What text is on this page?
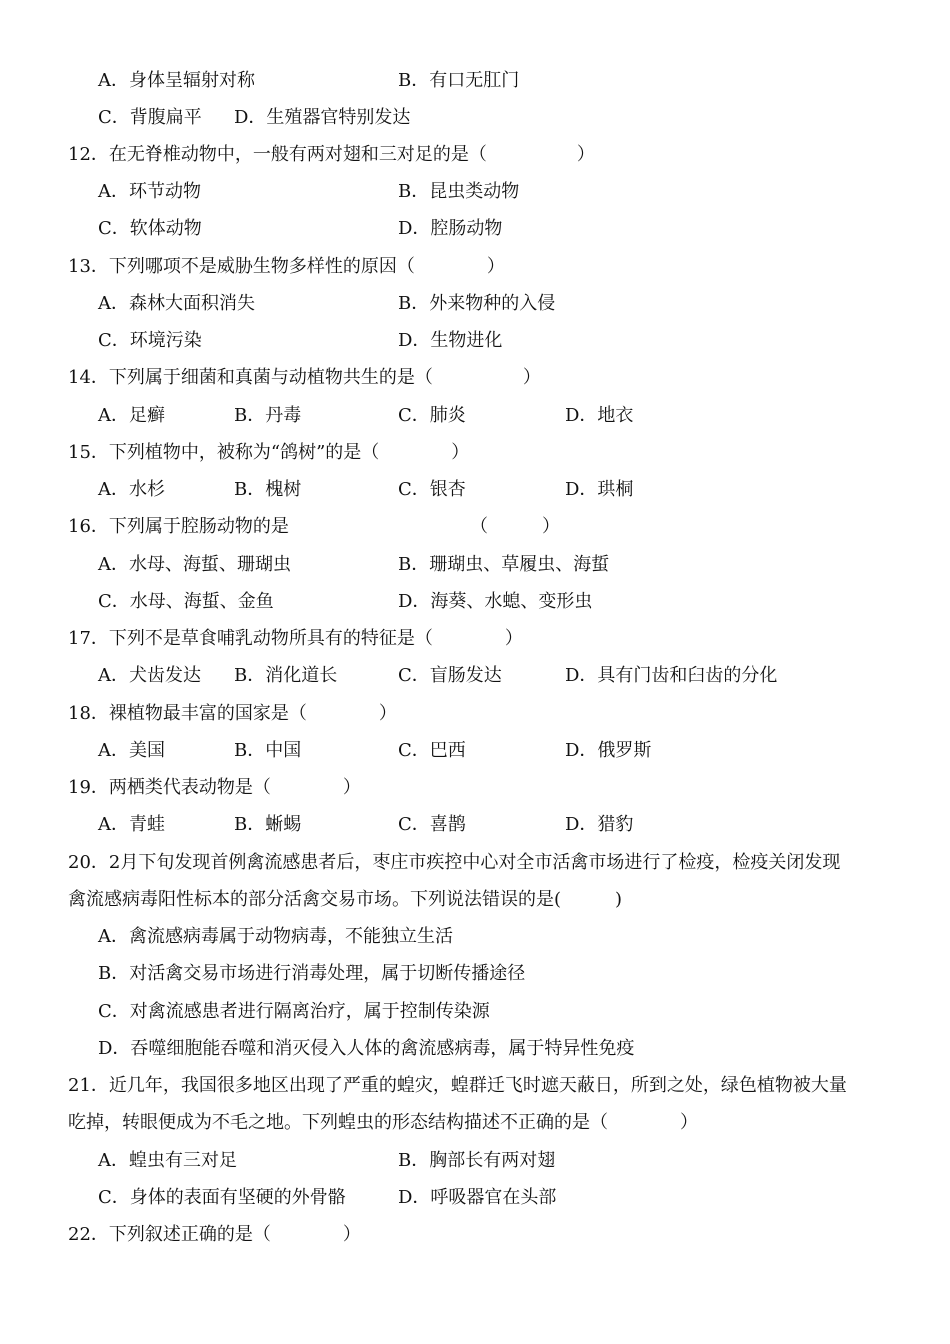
A．身体呈辐射对称	B．有口无肛门
C．背腹扁平 D．生殖器官特别发达
12．在无脊椎动物中，一般有两对翅和三对足的是（　　　　　）
A．环节动物	B．昆虫类动物
C．软体动物	D．腔肠动物
13．下列哪项不是威胁生物多样性的原因（　　　　）
A．森林大面积消失	B．外来物种的入侵
C．环境污染	D．生物进化
14．下列属于细菌和真菌与动植物共生的是（　　　　　）
A．足癣	B．丹毒	C．肺炎	D．地衣
15．下列植物中，被称为“鸽树”的是（　　　　）
A．水杉	B．槐树	C．银杏	D．珙桐
16．下列属于腔肠动物的是	（　　　）
A．水母、海蜇、珊瑚虫	B．珊瑚虫、草履虫、海蜇
C．水母、海蜇、金鱼	D．海葵、水螅、变形虫
17．下列不是草食哺乳动物所具有的特征是（　　　　）
A．犬齿发达 B．消化道长	C．盲肠发达	D．具有门齿和臼齿的分化
18．裸植物最丰富的国家是（　　　　）
A．美国	B．中国	C．巴西	D．俄罗斯
19．两栖类代表动物是（　　　　）
A．青蛙	B．蜥蜴	C．喜鹊	D．猎豹
20．2月下旬发现首例禽流感患者后，枣庄市疾控中心对全市活禽市场进行了检疫，检疫关闭发现
禽流感病毒阳性标本的部分活禽交易市场。下列说法错误的是(　　　)
A．禽流感病毒属于动物病毒，不能独立生活
B．对活禽交易市场进行消毒处理，属于切断传播途径
C．对禽流感患者进行隔离治疗，属于控制传染源
D．吞噬细胞能吞噬和消灭侵入人体的禽流感病毒，属于特异性免疫
21．近几年，我国很多地区出现了严重的蝗灾，蝗群迁飞时遮天蔽日，所到之处，绿色植物被大量
吃掉，转眼便成为不毛之地。下列蝗虫的形态结构描述不正确的是（　　　　）
A．蝗虫有三对足	B．胸部长有两对翅
C．身体的表面有坚硬的外骨骼	D．呼吸器官在头部
22．下列叙述正确的是（　　　　）
